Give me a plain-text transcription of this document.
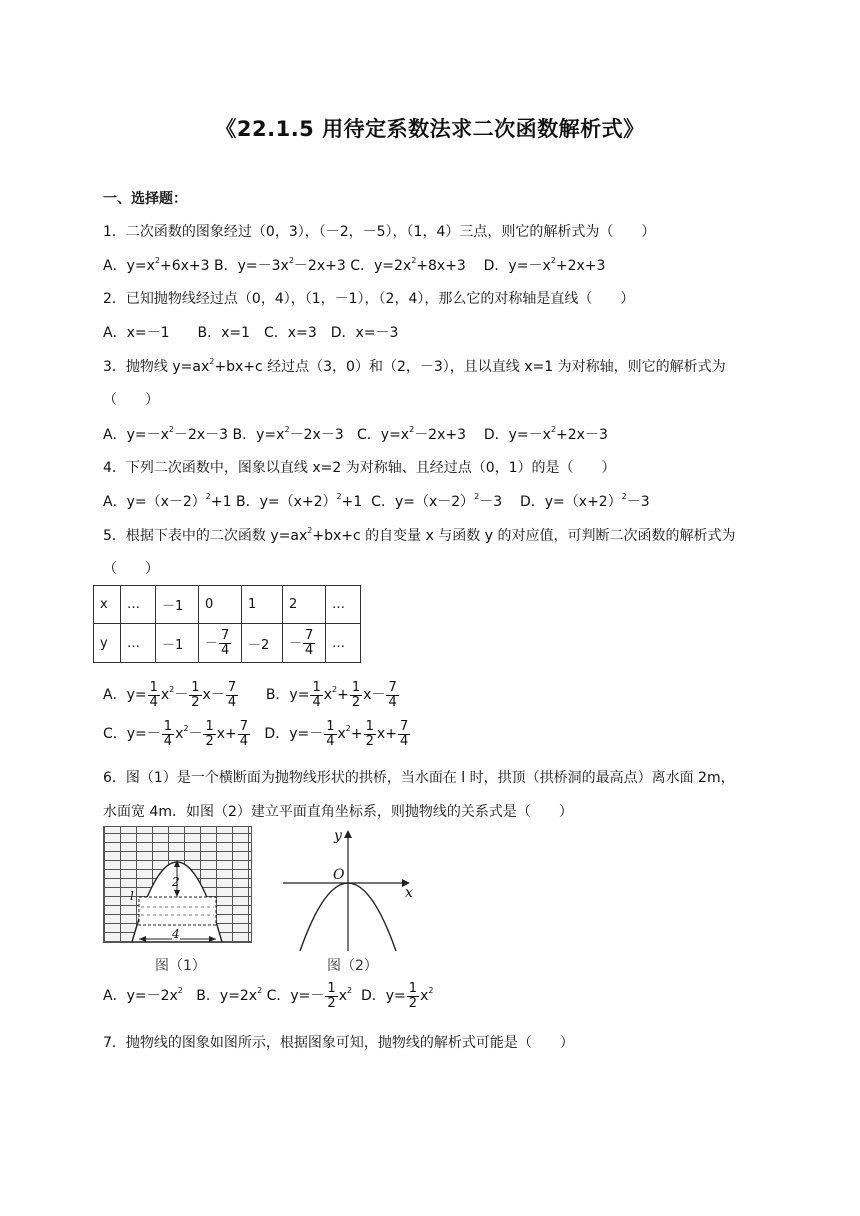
《22.1.5 用待定系数法求二次函数解析式》
一、选择题：
1．二次函数的图象经过（0，3），（－2，－5），（1，4）三点，则它的解析式为（　　）
A．$y=x^2+6x+3$ B．$y=-3x^2-2x+3$ C．$y=2x^2+8x+3$ D．$y=-x^2+2x+3$
2．已知抛物线经过点（0，4），（1，－1），（2，4），那么它的对称轴是直线（　　）
A．x=－1　　B．x=1　C．x=3　D．x=－3
3．抛物线 $y=ax^2+bx+c$ 经过点（3，0）和（2，－3），且以直线 x=1 为对称轴，则它的解析式为
（　　）
A．$y=-x^2-2x-3$ B．$y=x^2-2x-3$ C．$y=x^2-2x+3$ D．$y=-x^2+2x-3$
4．下列二次函数中，图象以直线 x=2 为对称轴、且经过点（0，1）的是（　　）
A．$y=(x-2)^2+1$ B．$y=(x+2)^2+1$ C．$y=(x-2)^2-3$ D．$y=(x+2)^2-3$
5．根据下表中的二次函数 $y=ax^2+bx+c$ 的自变量 x 与函数 y 的对应值，可判断二次函数的解析式为
（　　）
x	…	－1	0	1	2	…
y	…	－1	－ $\frac{7}{4}$	－2	－ $\frac{7}{4}$	…
A．$y= \frac{1}{4} x^2- \frac{1}{2} x- \frac{7}{4}$ B．$y= \frac{1}{4} x^2+ \frac{1}{2} x- \frac{7}{4}$
C．$y=- \frac{1}{4} x^2- \frac{1}{2} x+ \frac{7}{4}$ D．$y=- \frac{1}{4} x^2+ \frac{1}{2} x+ \frac{7}{4}$
6．图（1）是一个横断面为抛物线形状的拱桥，当水面在 l 时，拱顶（拱桥洞的最高点）离水面 2m，
水面宽 4m．如图（2）建立平面直角坐标系，则抛物线的关系式是（　　）
2
4
l
图（1）
y
x
O
图（2）
A．$y=-2x^2$ B．$y=2x^2$ C．$y=- \frac{1}{2} x^2$ D．$y= \frac{1}{2} x^2$
7．抛物线的图象如图所示，根据图象可知，抛物线的解析式可能是（　　）
